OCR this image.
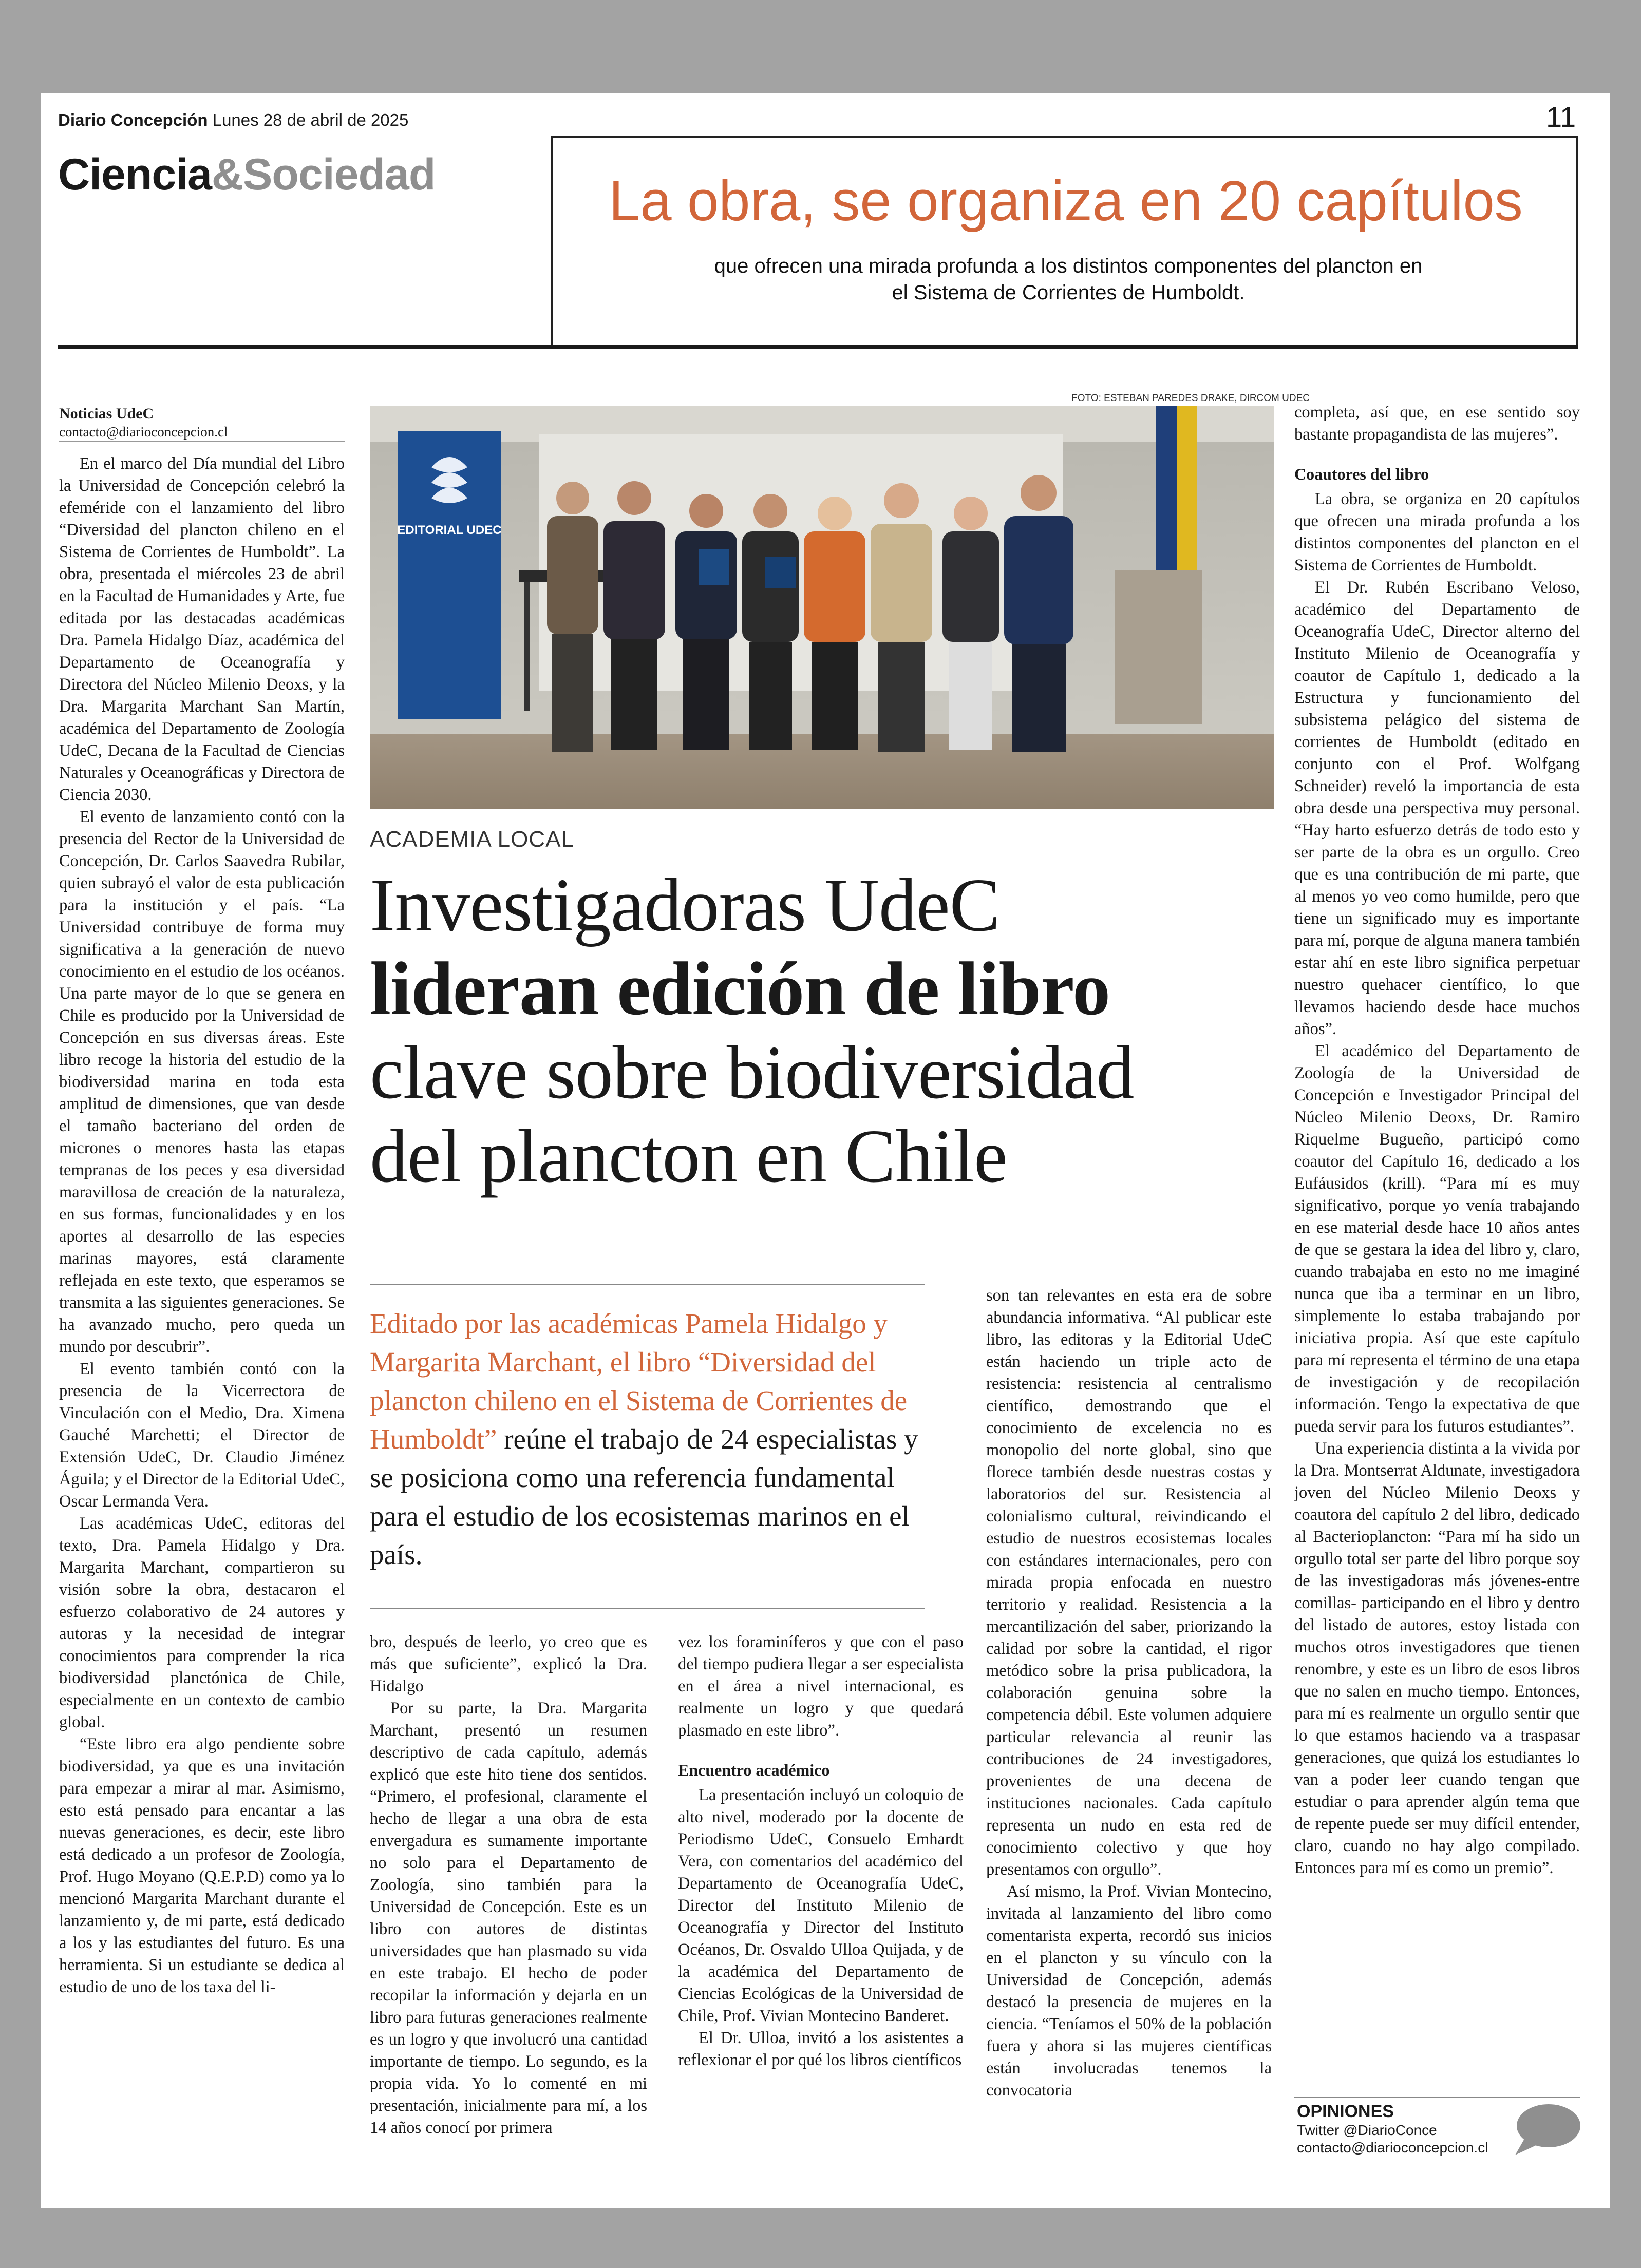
Diario Concepción Lunes 28 de abril de 2025	11
Ciencia&Sociedad	La obra, se organiza en 20 capítulos
que ofrecen una mirada profunda a los distintos componentes del plancton en el Sistema de Corrientes de Humboldt.
Noticias UdeC
contacto@diarioconcepcion.cl

En el marco del Día mundial del Libro la Universidad de Concepción celebró la efeméride con el lanzamiento del libro “Diversidad del plancton chileno en el Sistema de Corrientes de Humboldt”. La obra, presentada el miércoles 23 de abril en la Facultad de Humanidades y Arte, fue editada por las destacadas académicas Dra. Pamela Hidalgo Díaz, académica del Departamento de Oceanografía y Directora del Núcleo Milenio Deoxs, y la Dra. Margarita Marchant San Martín, académica del Departamento de Zoología UdeC, Decana de la Facultad de Ciencias Naturales y Oceanográficas y Directora de Ciencia 2030.

El evento de lanzamiento contó con la presencia del Rector de la Universidad de Concepción, Dr. Carlos Saavedra Rubilar, quien subrayó el valor de esta publicación para la institución y el país. “La Universidad contribuye de forma muy significativa a la generación de nuevo conocimiento en el estudio de los océanos. Una parte mayor de lo que se genera en Chile es producido por la Universidad de Concepción en sus diversas áreas. Este libro recoge la historia del estudio de la biodiversidad marina en toda esta amplitud de dimensiones, que van desde el tamaño bacteriano del orden de micrones o menores hasta las etapas tempranas de los peces y esa diversidad maravillosa de creación de la naturaleza, en sus formas, funcionalidades y en los aportes al desarrollo de las especies marinas mayores, está claramente reflejada en este texto, que esperamos se transmita a las siguientes generaciones. Se ha avanzado mucho, pero queda un mundo por descubrir”.

El evento también contó con la presencia de la Vicerrectora de Vinculación con el Medio, Dra. Ximena Gauché Marchetti; el Director de Extensión UdeC, Dr. Claudio Jiménez Águila; y el Director de la Editorial UdeC, Oscar Lermanda Vera.

Las académicas UdeC, editoras del texto, Dra. Pamela Hidalgo y Dra. Margarita Marchant, compartieron su visión sobre la obra, destacaron el esfuerzo colaborativo de 24 autores y autoras y la necesidad de integrar conocimientos para comprender la rica biodiversidad planctónica de Chile, especialmente en un contexto de cambio global.

“Este libro era algo pendiente sobre biodiversidad, ya que es una invitación para empezar a mirar al mar. Asimismo, esto está pensado para encantar a las nuevas generaciones, es decir, este libro está dedicado a un profesor de Zoología, Prof. Hugo Moyano (Q.E.P.D) como ya lo mencionó Margarita Marchant durante el lanzamiento y, de mi parte, está dedicado a los y las estudiantes del futuro. Es una herramienta. Si un estudiante se dedica al estudio de uno de los taxa del li-

FOTO: ESTEBAN PAREDES DRAKE, DIRCOM UDEC
EDITORIAL UDEC
ACADEMIA LOCAL
Investigadoras UdeC
lideran edición de libro
clave sobre biodiversidad
del plancton en Chile
Editado por las académicas Pamela Hidalgo y Margarita Marchant, el libro “Diversidad del plancton chileno en el Sistema de Corrientes de Humboldt” reúne el trabajo de 24 especialistas y se posiciona como una referencia fundamental para el estudio de los ecosistemas marinos en el país.

bro, después de leerlo, yo creo que es más que suficiente”, explicó la Dra. Hidalgo

Por su parte, la Dra. Margarita Marchant, presentó un resumen descriptivo de cada capítulo, además explicó que este hito tiene dos sentidos. “Primero, el profesional, claramente el hecho de llegar a una obra de esta envergadura es sumamente importante no solo para el Departamento de Zoología, sino también para la Universidad de Concepción. Este es un libro con autores de distintas universidades que han plasmado su vida en este trabajo. El hecho de poder recopilar la información y dejarla en un libro para futuras generaciones realmente es un logro y que involucró una cantidad importante de tiempo. Lo segundo, es la propia vida. Yo lo comenté en mi presentación, inicialmente para mí, a los 14 años conocí por primera

vez los foraminíferos y que con el paso del tiempo pudiera llegar a ser especialista en el área a nivel internacional, es realmente un logro y que quedará plasmado en este libro”.

Encuentro académico

La presentación incluyó un coloquio de alto nivel, moderado por la docente de Periodismo UdeC, Consuelo Emhardt Vera, con comentarios del académico del Departamento de Oceanografía UdeC, Director del Instituto Milenio de Oceanografía y Director del Instituto Océanos, Dr. Osvaldo Ulloa Quijada, y de la académica del Departamento de Ciencias Ecológicas de la Universidad de Chile, Prof. Vivian Montecino Banderet.

El Dr. Ulloa, invitó a los asistentes a reflexionar el por qué los libros científicos

son tan relevantes en esta era de sobre abundancia informativa. “Al publicar este libro, las editoras y la Editorial UdeC están haciendo un triple acto de resistencia: resistencia al centralismo científico, demostrando que el conocimiento de excelencia no es monopolio del norte global, sino que florece también desde nuestras costas y laboratorios del sur. Resistencia al colonialismo cultural, reivindicando el estudio de nuestros ecosistemas locales con estándares internacionales, pero con mirada propia enfocada en nuestro territorio y realidad. Resistencia a la mercantilización del saber, priorizando la calidad por sobre la cantidad, el rigor metódico sobre la prisa publicadora, la colaboración genuina sobre la competencia débil. Este volumen adquiere particular relevancia al reunir las contribuciones de 24 investigadores, provenientes de una decena de instituciones nacionales. Cada capítulo representa un nudo en esta red de conocimiento colectivo y que hoy presentamos con orgullo”.

Así mismo, la Prof. Vivian Montecino, invitada al lanzamiento del libro como comentarista experta, recordó sus inicios en el plancton y su vínculo con la Universidad de Concepción, además destacó la presencia de mujeres en la ciencia. “Teníamos el 50% de la población fuera y ahora si las mujeres científicas están involucradas tenemos la convocatoria

completa, así que, en ese sentido soy bastante propagandista de las mujeres”.

Coautores del libro

La obra, se organiza en 20 capítulos que ofrecen una mirada profunda a los distintos componentes del plancton en el Sistema de Corrientes de Humboldt.

El Dr. Rubén Escribano Veloso, académico del Departamento de Oceanografía UdeC, Director alterno del Instituto Milenio de Oceanografía y coautor de Capítulo 1, dedicado a la Estructura y funcionamiento del subsistema pelágico del sistema de corrientes de Humboldt (editado en conjunto con el Prof. Wolfgang Schneider) reveló la importancia de esta obra desde una perspectiva muy personal. “Hay harto esfuerzo detrás de todo esto y ser parte de la obra es un orgullo. Creo que es una contribución de mi parte, que al menos yo veo como humilde, pero que tiene un significado muy es importante para mí, porque de alguna manera también estar ahí en este libro significa perpetuar nuestro quehacer científico, lo que llevamos haciendo desde hace muchos años”.

El académico del Departamento de Zoología de la Universidad de Concepción e Investigador Principal del Núcleo Milenio Deoxs, Dr. Ramiro Riquelme Bugueño, participó como coautor del Capítulo 16, dedicado a los Eufáusidos (krill). “Para mí es muy significativo, porque yo venía trabajando en ese material desde hace 10 años antes de que se gestara la idea del libro y, claro, cuando trabajaba en esto no me imaginé nunca que iba a terminar en un libro, simplemente lo estaba trabajando por iniciativa propia. Así que este capítulo para mí representa el término de una etapa de investigación y de recopilación información. Tengo la expectativa de que pueda servir para los futuros estudiantes”.

Una experiencia distinta a la vivida por la Dra. Montserrat Aldunate, investigadora joven del Núcleo Milenio Deoxs y coautora del capítulo 2 del libro, dedicado al Bacterioplancton: “Para mí ha sido un orgullo total ser parte del libro porque soy de las investigadoras más jóvenes-entre comillas- participando en el libro y dentro del listado de autores, estoy listada con muchos otros investigadores que tienen renombre, y este es un libro de esos libros que no salen en mucho tiempo. Entonces, para mí es realmente un orgullo sentir que lo que estamos haciendo va a traspasar generaciones, que quizá los estudiantes lo van a poder leer cuando tengan que estudiar o para aprender algún tema que de repente puede ser muy difícil entender, claro, cuando no hay algo compilado. Entonces para mí es como un premio”.

OPINIONES
Twitter @DiarioConce
contacto@diarioconcepcion.cl
